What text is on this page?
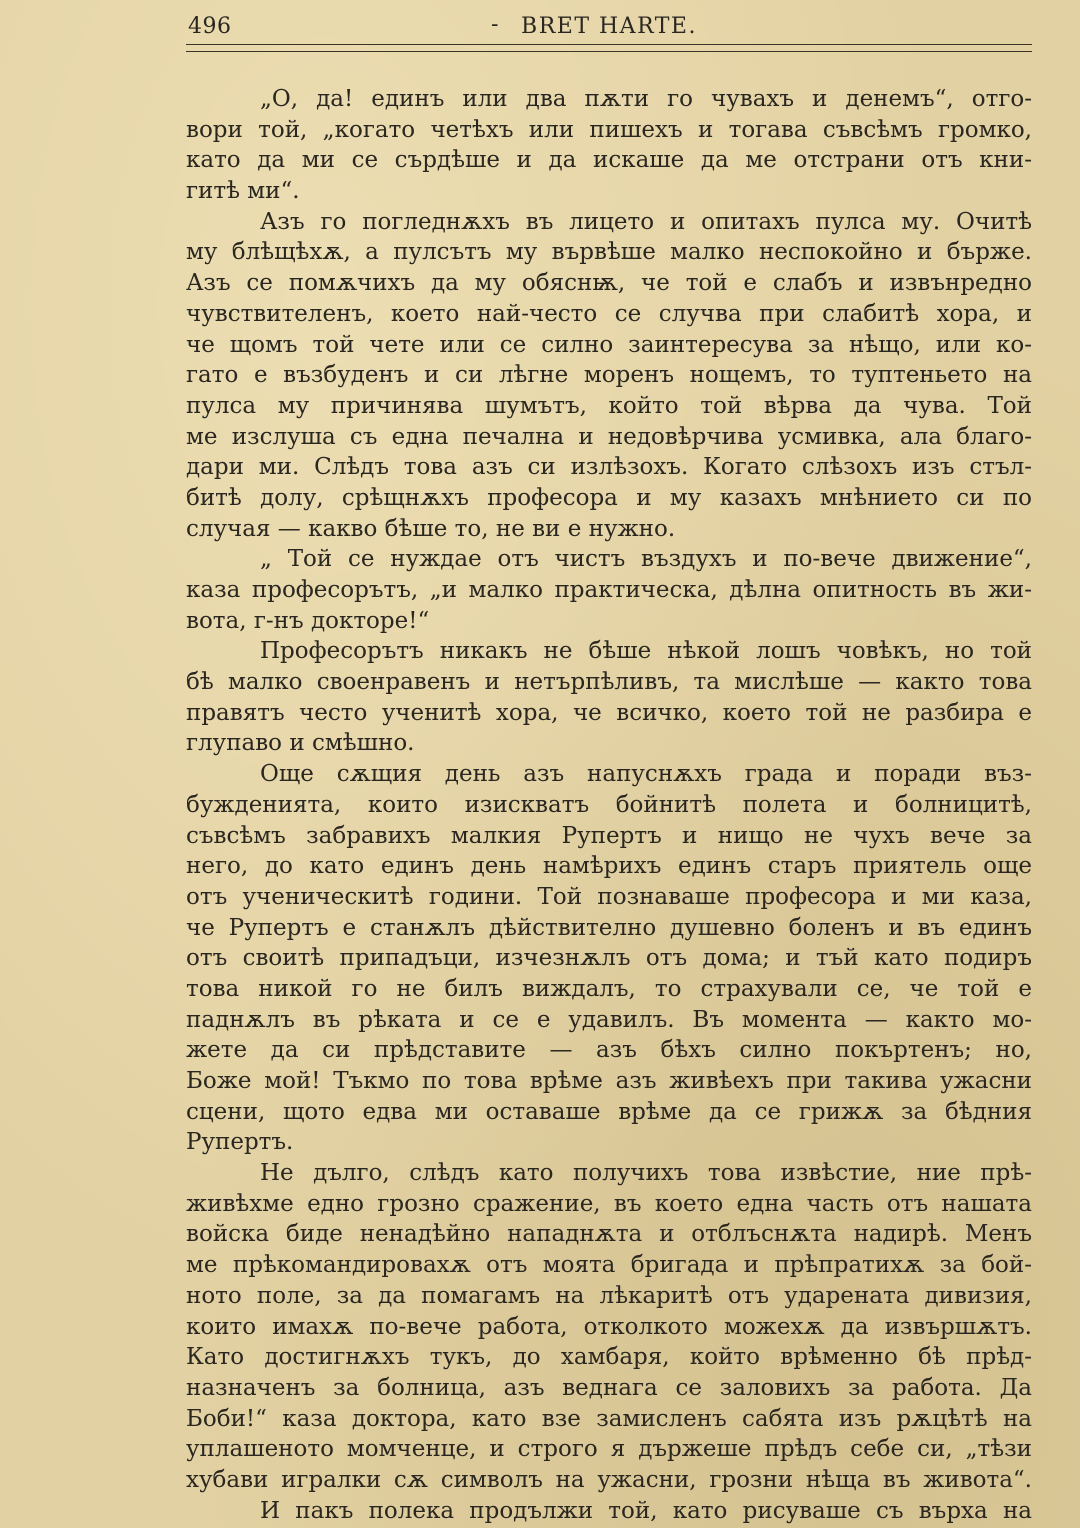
496	-	BRET HARTE.
„О, да! единъ или два пѫти го чувахъ и денемъ“, отго-
вори той, „когато четѣхъ или пишехъ и тогава съвсѣмъ громко,
като да ми се сърдѣше и да искаше да ме отстрани отъ кни-
гитѣ ми“.
Азъ го погледнѫхъ въ лицето и опитахъ пулса му. Очитѣ
му блѣщѣхѫ, а пулсътъ му вървѣше малко неспокойно и бърже.
Азъ се помѫчихъ да му обяснѭ, че той е слабъ и извънредно
чувствителенъ, което най-често се случва при слабитѣ хора, и
че щомъ той чете или се силно заинтересува за нѣщо, или ко-
гато е възбуденъ и си лѣгне моренъ нощемъ, то туптеньето на
пулса му причинява шумътъ, който той вѣрва да чува. Той
ме изслуша съ една печална и недовѣрчива усмивка, ала благо-
дари ми. Слѣдъ това азъ си излѣзохъ. Когато слѣзохъ изъ стъл-
битѣ долу, срѣщнѫхъ професора и му казахъ мнѣнието си по
случая — какво бѣше то, не ви е нужно.
„ Той се нуждае отъ чистъ въздухъ и по-вече движение“,
каза професорътъ, „и малко практическа, дѣлна опитность въ жи-
вота, г-нъ докторе!“
Професорътъ никакъ не бѣше нѣкой лошъ човѣкъ, но той
бѣ малко своенравенъ и нетърпѣливъ, та мислѣше — както това
правятъ често ученитѣ хора, че всичко, което той не разбира е
глупаво и смѣшно.
Още сѫщия день азъ напуснѫхъ града и поради въз-
бужденията, които изискватъ бойнитѣ полета и болницитѣ,
съвсѣмъ забравихъ малкия Рупертъ и нищо не чухъ вече за
него, до като единъ день намѣрихъ единъ старъ приятель още
отъ ученическитѣ години. Той познаваше професора и ми каза,
че Рупертъ е станѫлъ дѣйствително душевно боленъ и въ единъ
отъ своитѣ припадъци, изчезнѫлъ отъ дома; и тъй като подиръ
това никой го не билъ виждалъ, то страхували се, че той е
паднѫлъ въ рѣката и се е удавилъ. Въ момента — както мо-
жете да си прѣдставите — азъ бѣхъ силно покъртенъ; но,
Боже мой! Тъкмо по това врѣме азъ живѣехъ при такива ужасни
сцени, щото едва ми оставаше врѣме да се грижѫ за бѣдния
Рупертъ.
Не дълго, слѣдъ като получихъ това извѣстие, ние прѣ-
живѣхме едно грозно сражение, въ което една часть отъ нашата
войска биде ненадѣйно нападнѫта и отблъснѫта надирѣ. Менъ
ме прѣкомандировахѫ отъ моята бригада и прѣпратихѫ за бой-
ното поле, за да помагамъ на лѣкаритѣ отъ ударената дивизия,
които имахѫ по-вече работа, отколкото можехѫ да извършѫтъ.
Като достигнѫхъ тукъ, до хамбаря, който врѣменно бѣ прѣд-
назначенъ за болница, азъ веднага се заловихъ за работа. Да
Боби!“ каза доктора, като взе замисленъ сабята изъ рѫцѣтѣ на
уплашеното момченце, и строго я държеше прѣдъ себе си, „тѣзи
хубави игралки сѫ символъ на ужасни, грозни нѣща въ живота“.
И пакъ полека продължи той, като рисуваше съ върха на
